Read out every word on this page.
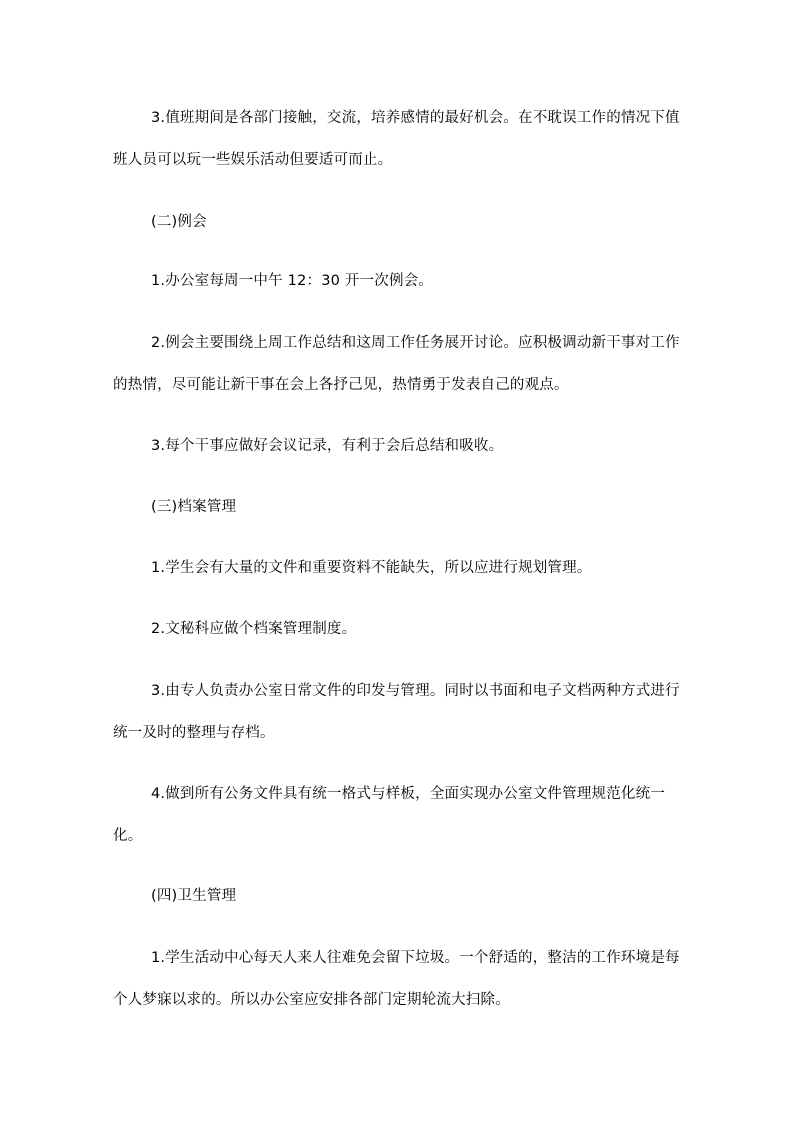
3.值班期间是各部门接触，交流，培养感情的最好机会。在不耽误工作的情况下值班人员可以玩一些娱乐活动但要适可而止。

(二)例会

1.办公室每周一中午 12：30 开一次例会。

2.例会主要围绕上周工作总结和这周工作任务展开讨论。应积极调动新干事对工作的热情，尽可能让新干事在会上各抒己见，热情勇于发表自己的观点。

3.每个干事应做好会议记录，有利于会后总结和吸收。

(三)档案管理

1.学生会有大量的文件和重要资料不能缺失，所以应进行规划管理。

2.文秘科应做个档案管理制度。

3.由专人负责办公室日常文件的印发与管理。同时以书面和电子文档两种方式进行统一及时的整理与存档。

4.做到所有公务文件具有统一格式与样板，全面实现办公室文件管理规范化统一化。

(四)卫生管理

1.学生活动中心每天人来人往难免会留下垃圾。一个舒适的，整洁的工作环境是每个人梦寐以求的。所以办公室应安排各部门定期轮流大扫除。
